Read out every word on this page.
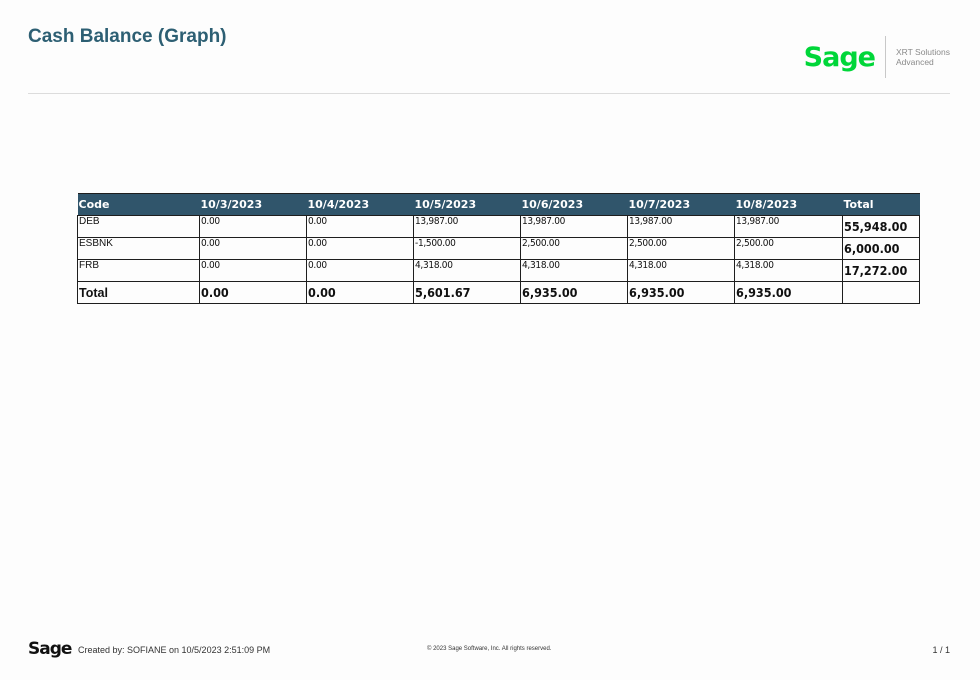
Cash Balance (Graph)
Sage XRT Solutions
Advanced
Code	10/3/2023	10/4/2023	10/5/2023	10/6/2023	10/7/2023	10/8/2023	Total
DEB	0.00	0.00	13,987.00	13,987.00	13,987.00	13,987.00	55,948.00
ESBNK	0.00	0.00	-1,500.00	2,500.00	2,500.00	2,500.00	6,000.00
FRB	0.00	0.00	4,318.00	4,318.00	4,318.00	4,318.00	17,272.00
Total	0.00	0.00	5,601.67	6,935.00	6,935.00	6,935.00	
Sage Created by: SOFIANE on 10/5/2023 2:51:09 PM	© 2023 Sage Software, Inc. All rights reserved.	1 / 1
